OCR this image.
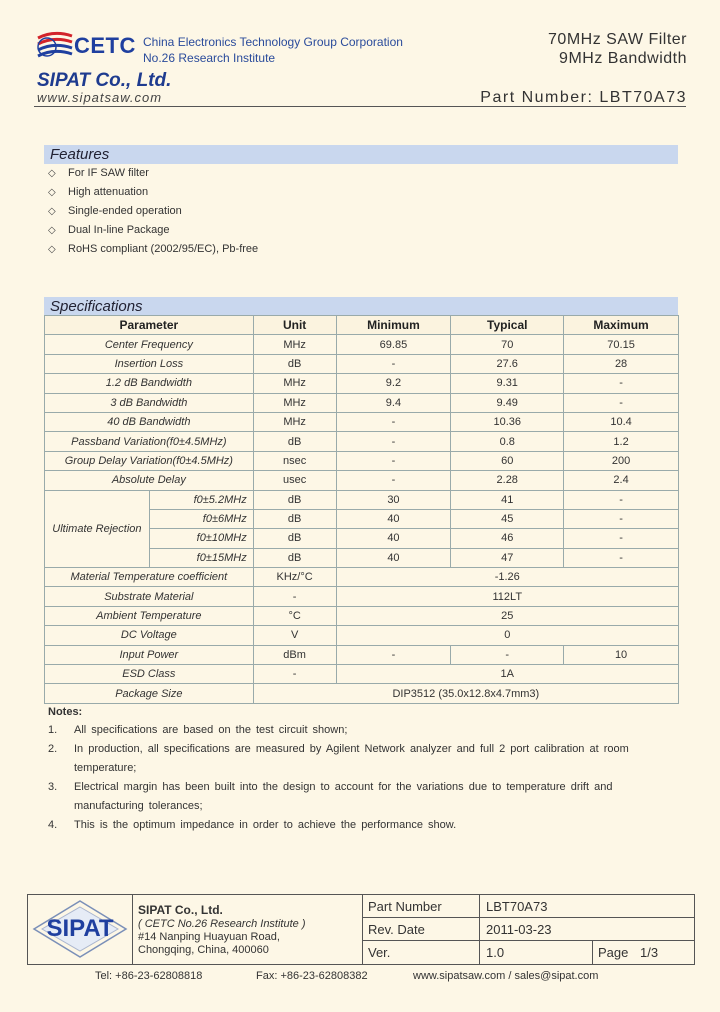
CETC China Electronics Technology Group Corporation
No.26 Research Institute
70MHz SAW Filter
9MHz Bandwidth
SIPAT Co., Ltd.
www.sipatsaw.com	Part Number: LBT70A73
Features
◇ For IF SAW filter
◇ High attenuation
◇ Single-ended operation
◇ Dual In-line Package
◇ RoHS compliant (2002/95/EC), Pb-free
Specifications
Parameter		Unit	Minimum	Typical	Maximum
Center Frequency		MHz	69.85	70	70.15
Insertion Loss		dB	-	27.6	28
1.2 dB Bandwidth		MHz	9.2	9.31	-
3 dB Bandwidth		MHz	9.4	9.49	-
40 dB Bandwidth		MHz	-	10.36	10.4
Passband Variation(f0±4.5MHz)		dB	-	0.8	1.2
Group Delay Variation(f0±4.5MHz)		nsec	-	60	200
Absolute Delay		usec	-	2.28	2.4
Ultimate Rejection	f0±5.2MHz	dB	30	41	-
	f0±6MHz	dB	40	45	-
	f0±10MHz	dB	40	46	-
	f0±15MHz	dB	40	47	-
Material Temperature coefficient		KHz/°C	-1.26		
Substrate Material		-	112LT		
Ambient Temperature		°C	25		
DC Voltage		V	0		
Input Power		dBm	-	-	10
ESD Class		-	1A		
Package Size		DIP3512 (35.0x12.8x4.7mm3)			
Notes:
1.	All specifications are based on the test circuit shown;
2.	In production, all specifications are measured by Agilent Network analyzer and full 2 port calibration at room temperature;
3.	Electrical margin has been built into the design to account for the variations due to temperature drift and manufacturing tolerances;
4.	This is the optimum impedance in order to achieve the performance show.
SIPAT
SIPAT Co., Ltd.
( CETC No.26 Research Institute )
#14 Nanping Huayuan Road,
Chongqing, China, 400060
Part Number	LBT70A73
Rev. Date	2011-03-23
Ver.	1.0	Page 1/3
Tel: +86-23-62808818	Fax: +86-23-62808382	www.sipatsaw.com / sales@sipat.com
